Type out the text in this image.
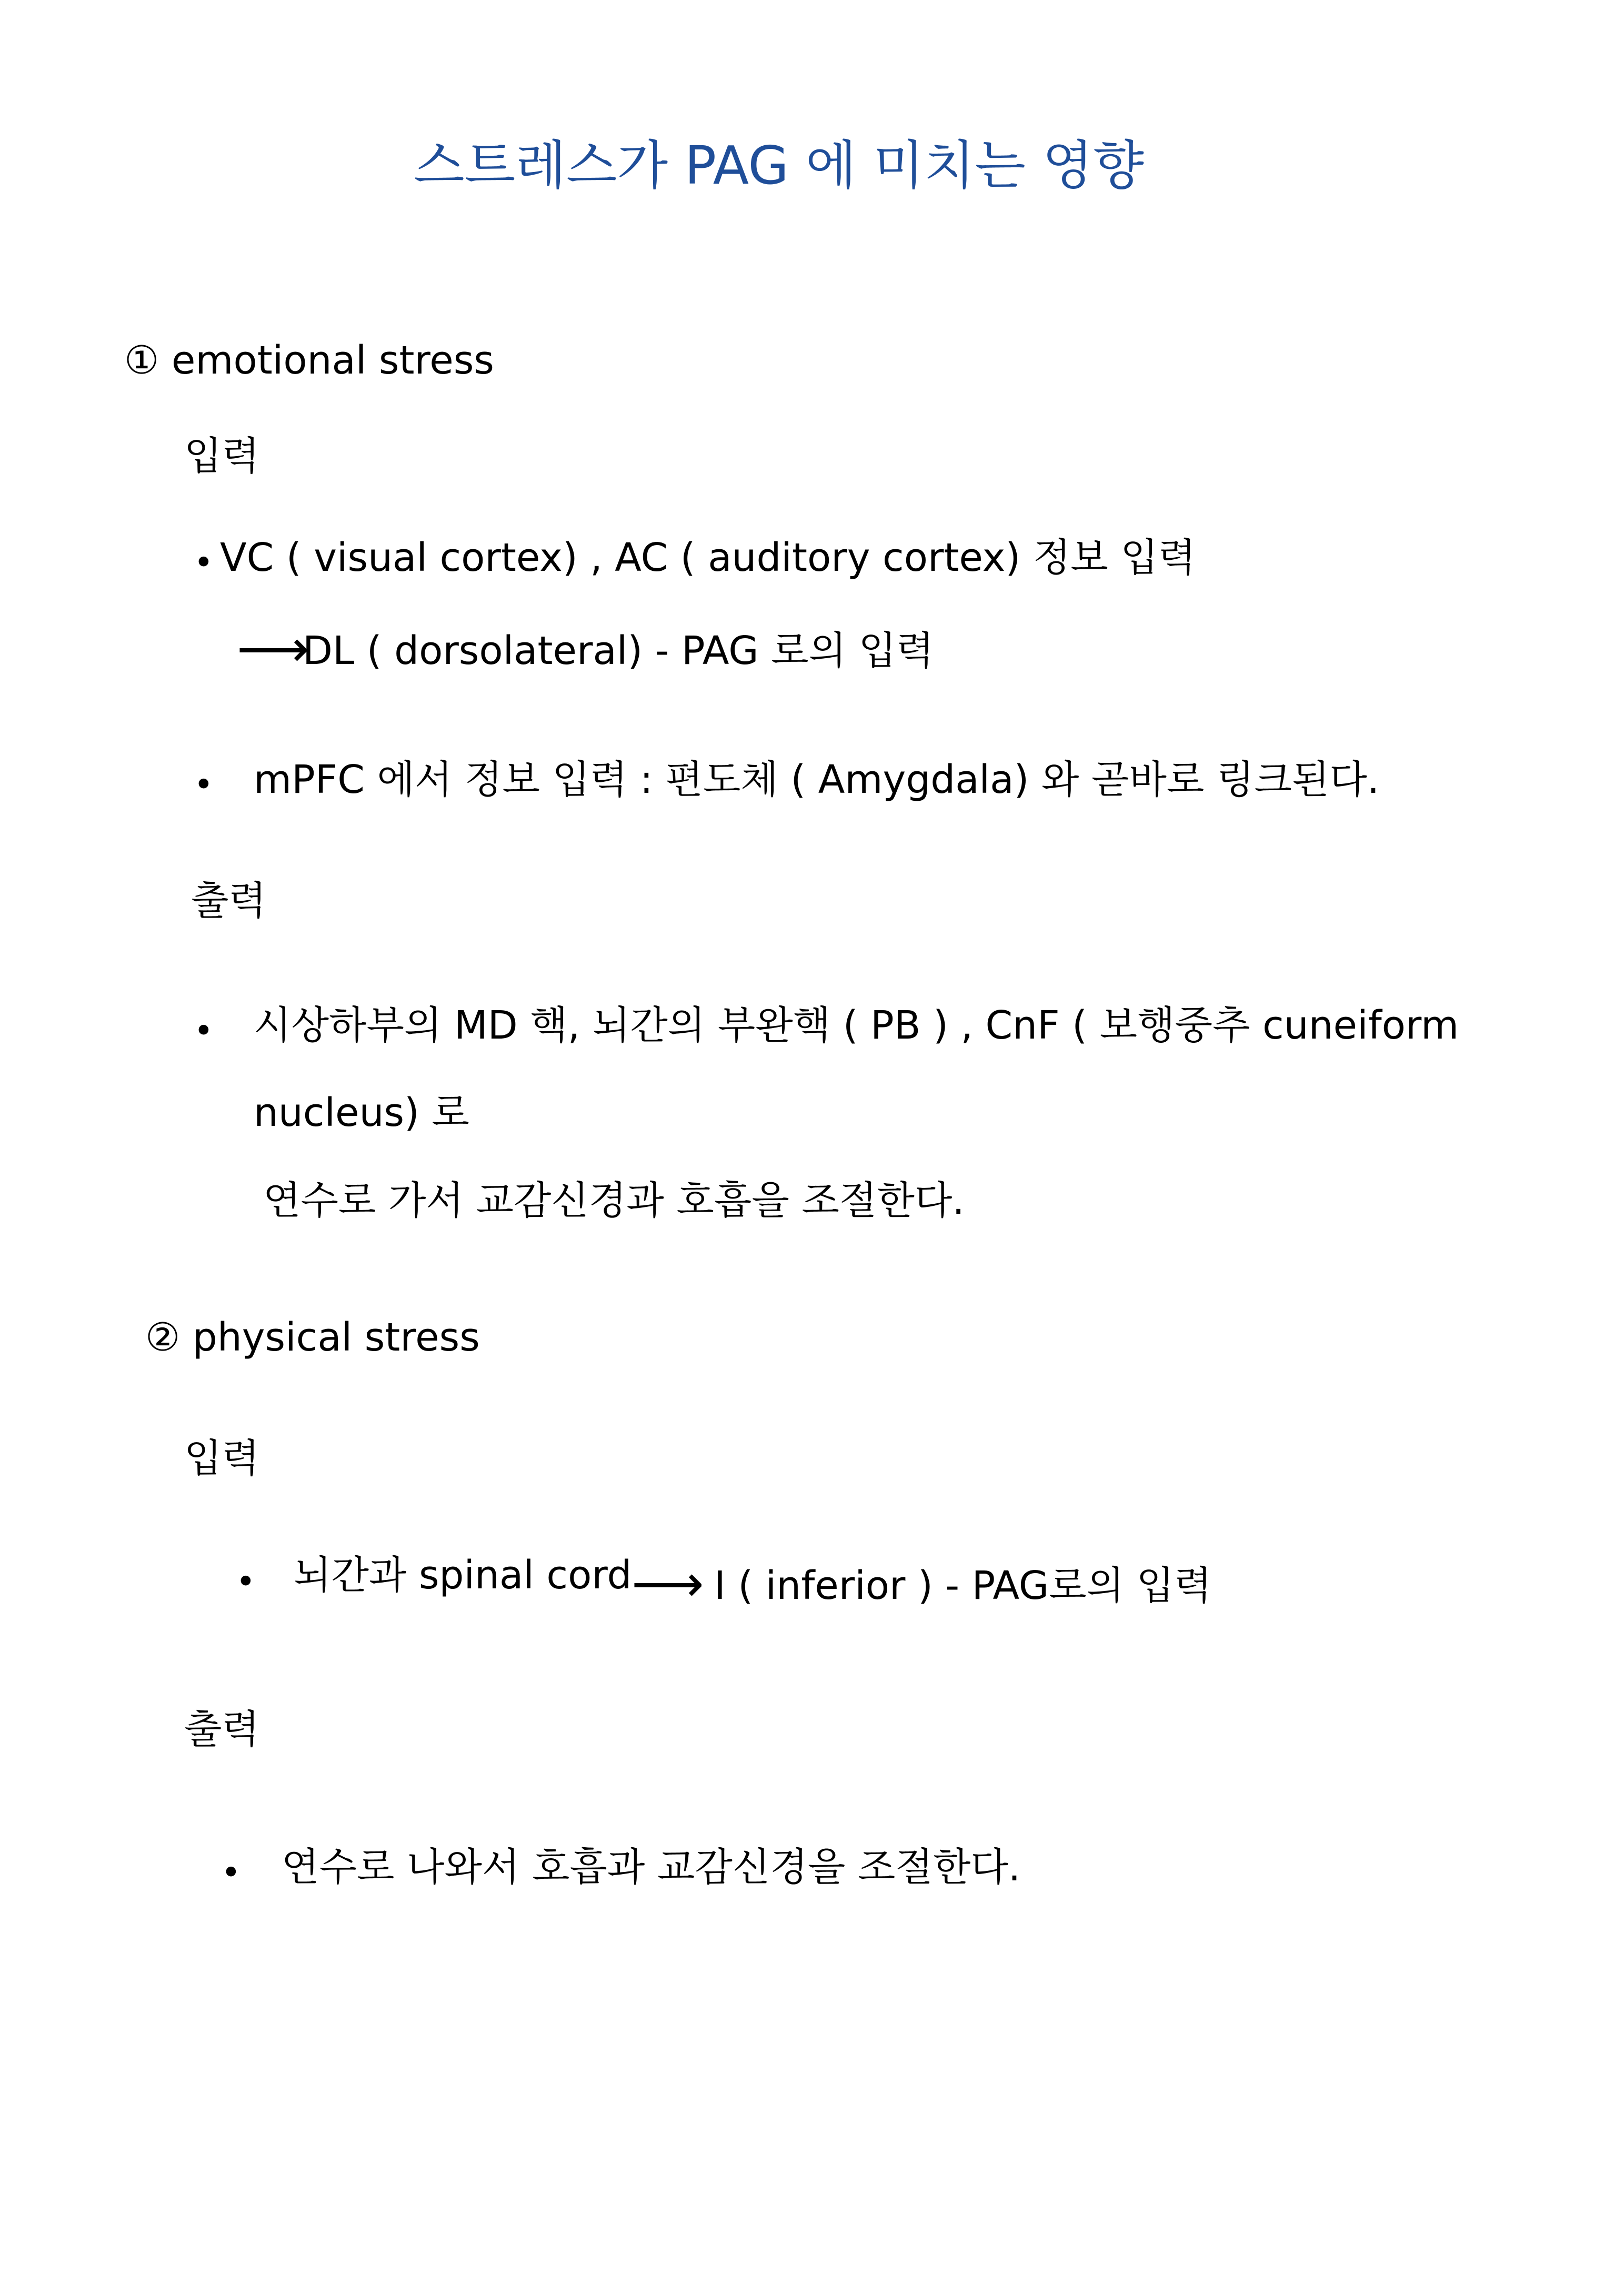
스트레스가 PAG 에 미치는 영향
① emotional stress
입력
• VC ( visual cortex) , AC ( auditory cortex) 정보 입력
⟶
DL ( dorsolateral) - PAG 로의 입력
• mPFC 에서 정보 입력 : 편도체 ( Amygdala) 와 곧바로 링크된다.
출력
• 시상하부의 MD 핵, 뇌간의 부완핵 ( PB ) , CnF ( 보행중추 cuneiform
nucleus) 로
연수로 가서 교감신경과 호흡을 조절한다.
② physical stress
입력
• 뇌간과 spinal cord ⟶ I ( inferior ) - PAG로의 입력
출력
• 연수로 나와서 호흡과 교감신경을 조절한다.
